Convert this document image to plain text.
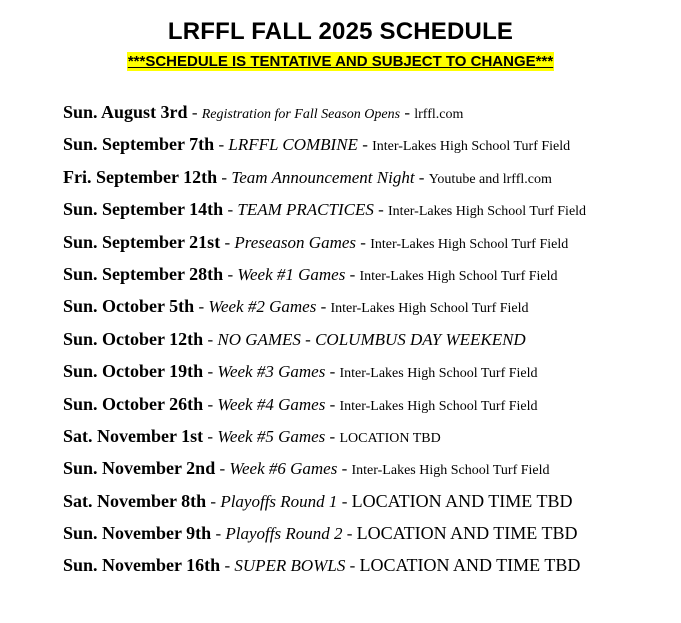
LRFFL FALL 2025 SCHEDULE
***SCHEDULE IS TENTATIVE AND SUBJECT TO CHANGE***
Sun. August 3rd - Registration for Fall Season Opens - lrffl.com
Sun. September 7th - LRFFL COMBINE - Inter-Lakes High School Turf Field
Fri. September 12th - Team Announcement Night - Youtube and lrffl.com
Sun. September 14th - TEAM PRACTICES - Inter-Lakes High School Turf Field
Sun. September 21st - Preseason Games - Inter-Lakes High School Turf Field
Sun. September 28th - Week #1 Games - Inter-Lakes High School Turf Field
Sun. October 5th - Week #2 Games - Inter-Lakes High School Turf Field
Sun. October 12th - NO GAMES - COLUMBUS DAY WEEKEND
Sun. October 19th - Week #3 Games - Inter-Lakes High School Turf Field
Sun. October 26th - Week #4 Games - Inter-Lakes High School Turf Field
Sat. November 1st - Week #5 Games - LOCATION TBD
Sun. November 2nd - Week #6 Games - Inter-Lakes High School Turf Field
Sat. November 8th - Playoffs Round 1 - LOCATION AND TIME TBD
Sun. November 9th - Playoffs Round 2 - LOCATION AND TIME TBD
Sun. November 16th - SUPER BOWLS - LOCATION AND TIME TBD
